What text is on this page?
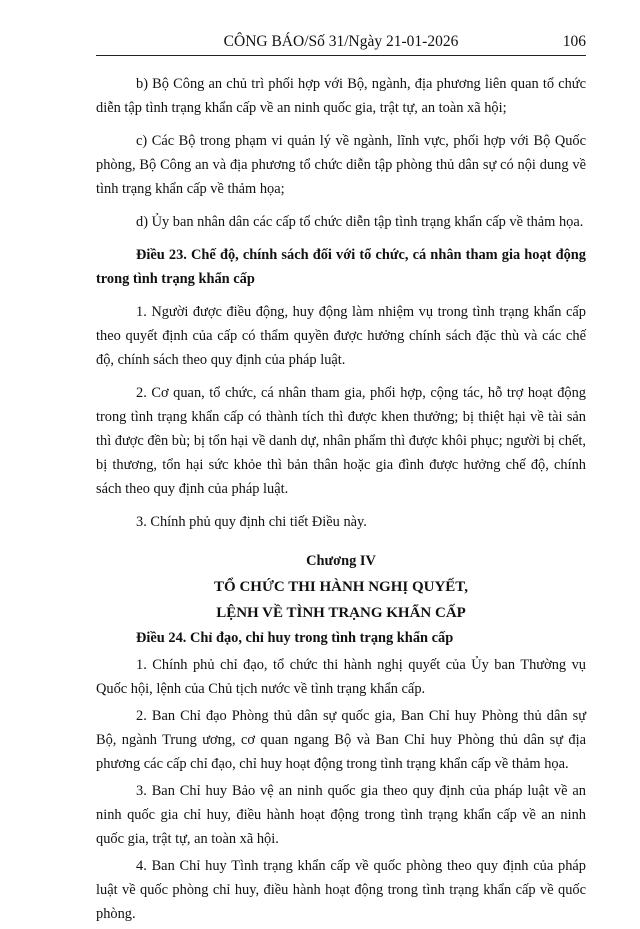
CÔNG BÁO/Số 31/Ngày 21-01-2026	106

b) Bộ Công an chủ trì phối hợp với Bộ, ngành, địa phương liên quan tổ chức diễn tập tình trạng khẩn cấp về an ninh quốc gia, trật tự, an toàn xã hội;

c) Các Bộ trong phạm vi quản lý về ngành, lĩnh vực, phối hợp với Bộ Quốc phòng, Bộ Công an và địa phương tổ chức diễn tập phòng thủ dân sự có nội dung về tình trạng khẩn cấp về thảm họa;

d) Ủy ban nhân dân các cấp tổ chức diễn tập tình trạng khẩn cấp về thảm họa.

Điều 23. Chế độ, chính sách đối với tổ chức, cá nhân tham gia hoạt động trong tình trạng khẩn cấp

1. Người được điều động, huy động làm nhiệm vụ trong tình trạng khẩn cấp theo quyết định của cấp có thẩm quyền được hưởng chính sách đặc thù và các chế độ, chính sách theo quy định của pháp luật.

2. Cơ quan, tổ chức, cá nhân tham gia, phối hợp, cộng tác, hỗ trợ hoạt động trong tình trạng khẩn cấp có thành tích thì được khen thưởng; bị thiệt hại về tài sản thì được đền bù; bị tổn hại về danh dự, nhân phẩm thì được khôi phục; người bị chết, bị thương, tổn hại sức khỏe thì bản thân hoặc gia đình được hưởng chế độ, chính sách theo quy định của pháp luật.

3. Chính phủ quy định chi tiết Điều này.

Chương IV

TỔ CHỨC THI HÀNH NGHỊ QUYẾT,

LỆNH VỀ TÌNH TRẠNG KHẨN CẤP

Điều 24. Chỉ đạo, chỉ huy trong tình trạng khẩn cấp

1. Chính phủ chỉ đạo, tổ chức thi hành nghị quyết của Ủy ban Thường vụ Quốc hội, lệnh của Chủ tịch nước về tình trạng khẩn cấp.

2. Ban Chỉ đạo Phòng thủ dân sự quốc gia, Ban Chỉ huy Phòng thủ dân sự Bộ, ngành Trung ương, cơ quan ngang Bộ và Ban Chỉ huy Phòng thủ dân sự địa phương các cấp chỉ đạo, chỉ huy hoạt động trong tình trạng khẩn cấp về thảm họa.

3. Ban Chỉ huy Bảo vệ an ninh quốc gia theo quy định của pháp luật về an ninh quốc gia chỉ huy, điều hành hoạt động trong tình trạng khẩn cấp về an ninh quốc gia, trật tự, an toàn xã hội.

4. Ban Chỉ huy Tình trạng khẩn cấp về quốc phòng theo quy định của pháp luật về quốc phòng chỉ huy, điều hành hoạt động trong tình trạng khẩn cấp về quốc phòng.
